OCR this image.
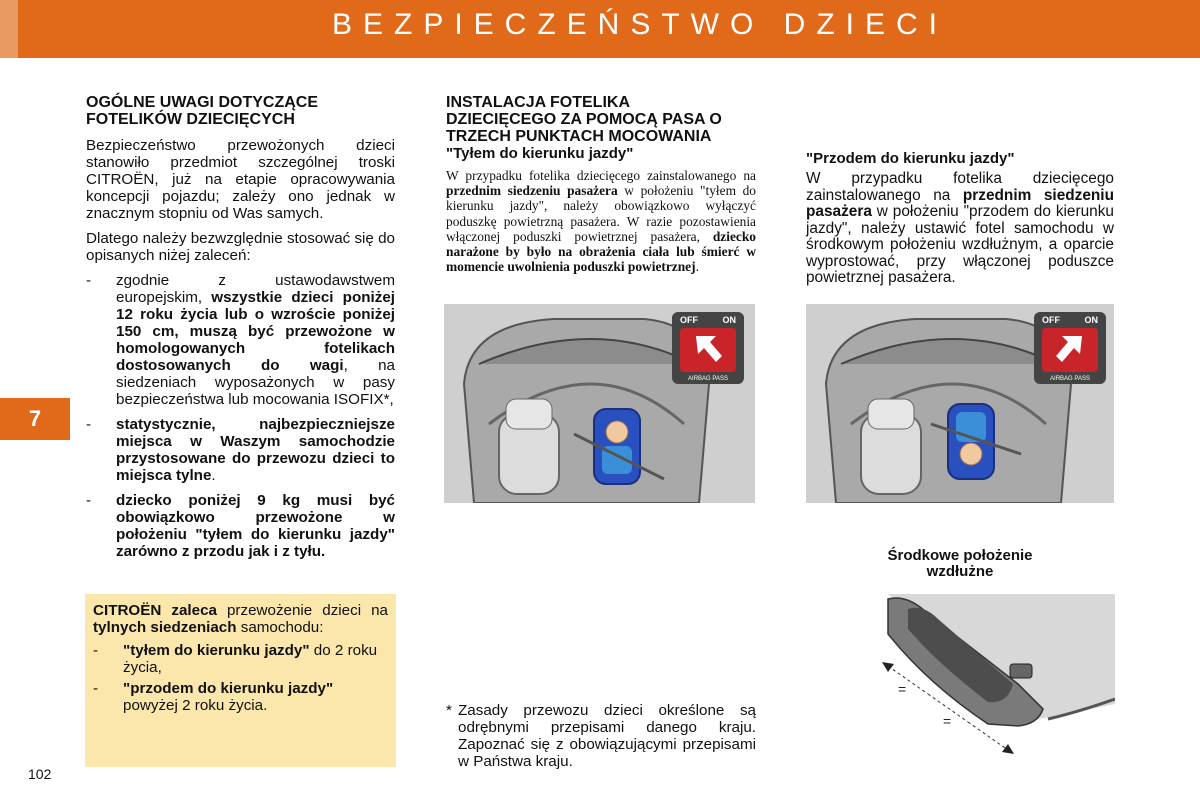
BEZPIECZEŃSTWO DZIECI
7
102
OGÓLNE UWAGI DOTYCZĄCE
FOTELIKÓW DZIECIĘCYCH

Bezpieczeństwo przewożonych dzieci stanowiło przedmiot szczególnej troski CITROËN, już na etapie opracowywania koncepcji pojazdu; zależy ono jednak w znacznym stopniu od Was samych.

Dlatego należy bezwzględnie stosować się do opisanych niżej zaleceń:

- zgodnie z ustawodawstwem europejskim, wszystkie dzieci poniżej 12 roku życia lub o wzroście poniżej 150 cm, muszą być przewożone w homologowanych fotelikach dostosowanych do wagi, na siedzeniach wyposażonych w pasy bezpieczeństwa lub mocowania ISOFIX*,
- statystycznie, najbezpieczniejsze miejsca w Waszym samochodzie przystosowane do przewozu dzieci to miejsca tylne.
- dziecko poniżej 9 kg musi być obowiązkowo przewożone w położeniu "tyłem do kierunku jazdy" zarówno z przodu jak i z tyłu.
CITROËN zaleca przewożenie dzieci na tylnych siedzeniach samochodu:
- "tyłem do kierunku jazdy" do 2 roku życia,
- "przodem do kierunku jazdy" powyżej 2 roku życia.
INSTALACJA FOTELIKA
DZIECIĘCEGO ZA POMOCĄ PASA O
TRZECH PUNKTACH MOCOWANIA
"Tyłem do kierunku jazdy"

W przypadku fotelika dziecięcego zainstalowanego na przednim siedzeniu pasażera w położeniu "tyłem do kierunku jazdy", należy obowiązkowo wyłączyć poduszkę powietrzną pasażera. W razie pozostawienia włączonej poduszki powietrznej pasażera, dziecko narażone by było na obrażenia ciała lub śmierć w momencie uwolnienia poduszki powietrznej.

OFF	ON
AIRBAG PASS
* Zasady przewozu dzieci określone są odrębnymi przepisami danego kraju. Zapoznać się z obowiązującymi przepisami w Państwa kraju.
"Przodem do kierunku jazdy"

W przypadku fotelika dziecięcego zainstalowanego na przednim siedzeniu pasażera w położeniu "przodem do kierunku jazdy", należy ustawić fotel samochodu w środkowym położeniu wzdłużnym, a oparcie wyprostować, przy włączonej poduszce powietrznej pasażera.

OFF	ON
AIRBAG PASS
Środkowe położenie
wzdłużne
=
=
